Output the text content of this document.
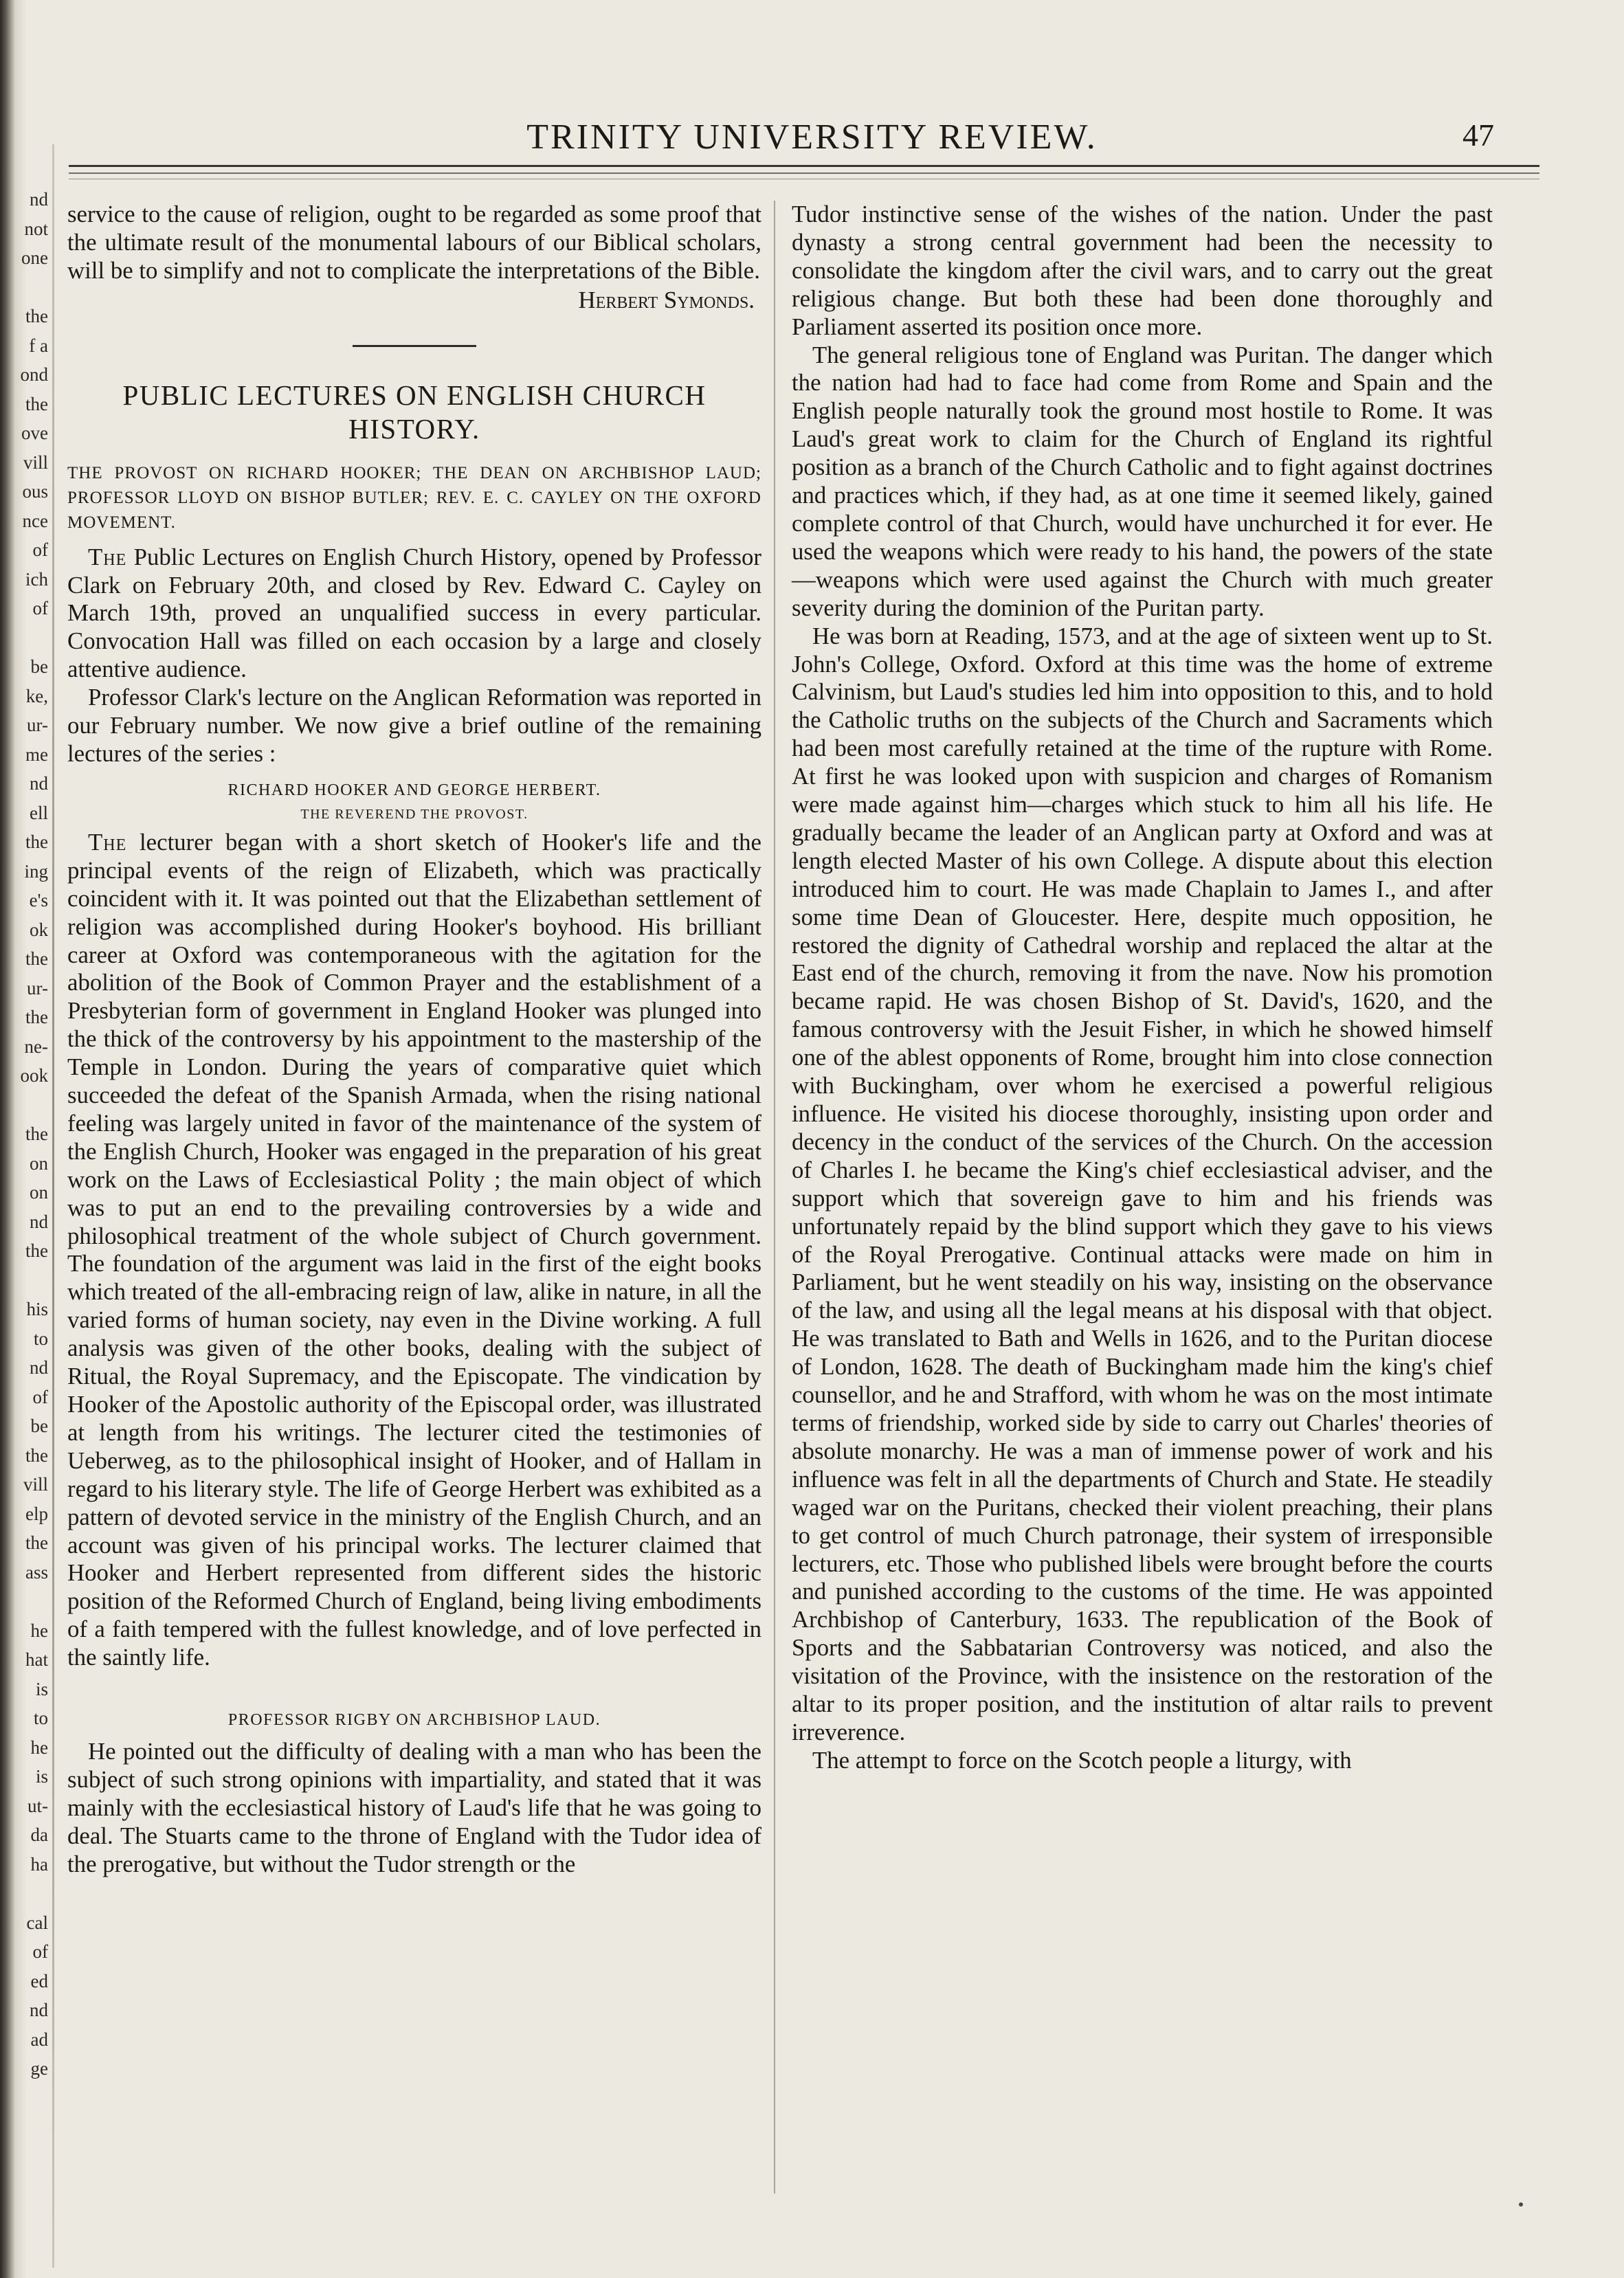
nd
not
one
the
f a
ond
the
ove
vill
ous
nce
of
ich
of
be
ke,
ur-
me
nd
ell
the
ing
e's
ok
the
ur-
the
ne-
ook
the
on
on
nd
the
his
to
nd
of
be
the
vill
elp
the
ass
he
hat
is
to
he
is
ut-
da
ha
cal
of
ed
nd
ad
ge
TRINITY UNIVERSITY REVIEW.	47

service to the cause of religion, ought to be regarded as some proof that the ultimate result of the monumental labours of our Biblical scholars, will be to simplify and not to complicate the interpretations of the Bible.

Herbert Symonds.

PUBLIC LECTURES ON ENGLISH CHURCH HISTORY.
THE PROVOST ON RICHARD HOOKER; THE DEAN ON ARCHBISHOP LAUD; PROFESSOR LLOYD ON BISHOP BUTLER; REV. E. C. CAYLEY ON THE OXFORD MOVEMENT.

The Public Lectures on English Church History, opened by Professor Clark on February 20th, and closed by Rev. Edward C. Cayley on March 19th, proved an unqualified success in every particular. Convocation Hall was filled on each occasion by a large and closely attentive audience.

Professor Clark's lecture on the Anglican Reformation was reported in our February number. We now give a brief outline of the remaining lectures of the series :

RICHARD HOOKER AND GEORGE HERBERT.
THE REVEREND THE PROVOST.

The lecturer began with a short sketch of Hooker's life and the principal events of the reign of Elizabeth, which was practically coincident with it. It was pointed out that the Elizabethan settlement of religion was accomplished during Hooker's boyhood. His brilliant career at Oxford was contemporaneous with the agitation for the abolition of the Book of Common Prayer and the establishment of a Presbyterian form of government in England Hooker was plunged into the thick of the controversy by his appointment to the mastership of the Temple in London. During the years of comparative quiet which succeeded the defeat of the Spanish Armada, when the rising national feeling was largely united in favor of the maintenance of the system of the English Church, Hooker was engaged in the preparation of his great work on the Laws of Ecclesiastical Polity ; the main object of which was to put an end to the prevailing controversies by a wide and philosophical treatment of the whole subject of Church government. The foundation of the argument was laid in the first of the eight books which treated of the all-embracing reign of law, alike in nature, in all the varied forms of human society, nay even in the Divine working. A full analysis was given of the other books, dealing with the subject of Ritual, the Royal Supremacy, and the Episcopate. The vindication by Hooker of the Apostolic authority of the Episcopal order, was illustrated at length from his writings. The lecturer cited the testimonies of Ueberweg, as to the philosophical insight of Hooker, and of Hallam in regard to his literary style. The life of George Herbert was exhibited as a pattern of devoted service in the ministry of the English Church, and an account was given of his principal works. The lecturer claimed that Hooker and Herbert represented from different sides the historic position of the Reformed Church of England, being living embodiments of a faith tempered with the fullest knowledge, and of love perfected in the saintly life.

PROFESSOR RIGBY ON ARCHBISHOP LAUD.

He pointed out the difficulty of dealing with a man who has been the subject of such strong opinions with impartiality, and stated that it was mainly with the ecclesiastical history of Laud's life that he was going to deal. The Stuarts came to the throne of England with the Tudor idea of the prerogative, but without the Tudor strength or the

Tudor instinctive sense of the wishes of the nation. Under the past dynasty a strong central government had been the necessity to consolidate the kingdom after the civil wars, and to carry out the great religious change. But both these had been done thoroughly and Parliament asserted its position once more.

The general religious tone of England was Puritan. The danger which the nation had had to face had come from Rome and Spain and the English people naturally took the ground most hostile to Rome. It was Laud's great work to claim for the Church of England its rightful position as a branch of the Church Catholic and to fight against doctrines and practices which, if they had, as at one time it seemed likely, gained complete control of that Church, would have unchurched it for ever. He used the weapons which were ready to his hand, the powers of the state—weapons which were used against the Church with much greater severity during the dominion of the Puritan party.

He was born at Reading, 1573, and at the age of sixteen went up to St. John's College, Oxford. Oxford at this time was the home of extreme Calvinism, but Laud's studies led him into opposition to this, and to hold the Catholic truths on the subjects of the Church and Sacraments which had been most carefully retained at the time of the rupture with Rome. At first he was looked upon with suspicion and charges of Romanism were made against him—charges which stuck to him all his life. He gradually became the leader of an Anglican party at Oxford and was at length elected Master of his own College. A dispute about this election introduced him to court. He was made Chaplain to James I., and after some time Dean of Gloucester. Here, despite much opposition, he restored the dignity of Cathedral worship and replaced the altar at the East end of the church, removing it from the nave. Now his promotion became rapid. He was chosen Bishop of St. David's, 1620, and the famous controversy with the Jesuit Fisher, in which he showed himself one of the ablest opponents of Rome, brought him into close connection with Buckingham, over whom he exercised a powerful religious influence. He visited his diocese thoroughly, insisting upon order and decency in the conduct of the services of the Church. On the accession of Charles I. he became the King's chief ecclesiastical adviser, and the support which that sovereign gave to him and his friends was unfortunately repaid by the blind support which they gave to his views of the Royal Prerogative. Continual attacks were made on him in Parliament, but he went steadily on his way, insisting on the observance of the law, and using all the legal means at his disposal with that object. He was translated to Bath and Wells in 1626, and to the Puritan diocese of London, 1628. The death of Buckingham made him the king's chief counsellor, and he and Strafford, with whom he was on the most intimate terms of friendship, worked side by side to carry out Charles' theories of absolute monarchy. He was a man of immense power of work and his influence was felt in all the departments of Church and State. He steadily waged war on the Puritans, checked their violent preaching, their plans to get control of much Church patronage, their system of irresponsible lecturers, etc. Those who published libels were brought before the courts and punished according to the customs of the time. He was appointed Archbishop of Canterbury, 1633. The republication of the Book of Sports and the Sabbatarian Controversy was noticed, and also the visitation of the Province, with the insistence on the restoration of the altar to its proper position, and the institution of altar rails to prevent irreverence.

The attempt to force on the Scotch people a liturgy, with
